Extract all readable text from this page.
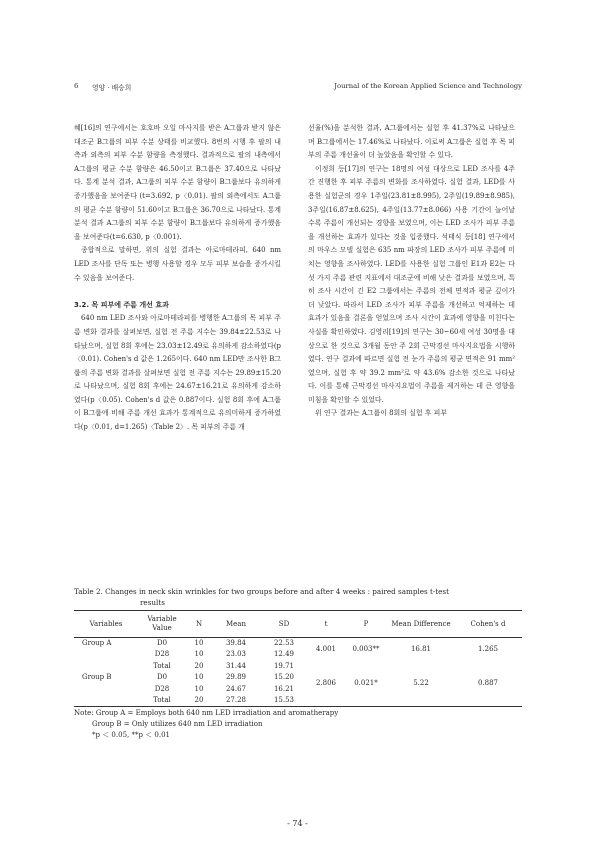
6 영양 · 배승희	Journal of the Korean Applied Science and Technology

혜[16]의 연구에서는 호호바 오일 마사지를 받은 A그룹과 받지 않은 대조군 B그룹의 피부 수분 상태를 비교했다. 8번의 시행 후 팔의 내측과 외측의 피부 수분 함량을 측정했다. 결과적으로 팔의 내측에서 A그룹의 평균 수분 함량은 46.50이고 B그룹은 37.40으로 나타났다. 통계 분석 결과, A그룹의 피부 수분 함량이 B그룹보다 유의하게 증가했음을 보여준다 (t=3.692, p〈0.01). 팔의 외측에서도 A그룹의 평균 수분 함량이 51.60이고 B그룹은 36.70으로 나타났다. 통계 분석 결과 A그룹의 피부 수분 함량이 B그룹보다 유의하게 증가했음을 보여준다(t=6.630, p〈0.001).

종합적으로 말하면, 위의 실험 결과는 아로마테라피, 640 nm LED 조사를 단독 또는 병행 사용할 경우 모두 피부 보습을 증가시킬 수 있음을 보여준다.

3.2. 목 피부에 주름 개선 효과

640 nm LED 조사와 아로마테라피를 병행한 A그룹의 목 피부 주름 변화 결과를 살펴보면, 실험 전 주름 지수는 39.84±22.53로 나타났으며, 실험 8회 후에는 23.03±12.49로 유의하게 감소하였다(p〈0.01). Cohen's d 값은 1.265이다. 640 nm LED만 조사한 B그룹의 주름 변화 결과를 살펴보면 실험 전 주름 지수는 29.89±15.20로 나타났으며, 실험 8회 후에는 24.67±16.21로 유의하게 감소하였다(p〈0.05). Cohen's d 값은 0.887이다. 실험 8회 후에 A그룹이 B그룹에 비해 주름 개선 효과가 통계적으로 유의미하게 증가하였다(p〈0.01, d=1.265)〈Table 2〉. 목 피부의 주름 개

선율(%)을 분석한 결과, A그룹에서는 실험 후 41.37%로 나타났으며 B그룹에서는 17.46%로 나타났다. 이로써 A그룹은 실험 후 목 피부의 주름 개선율이 더 높았음을 확인할 수 있다.

이정희 등[17]의 연구는 18명의 여성 대상으로 LED 조사를 4주간 진행한 후 피부 주름의 변화를 조사하였다. 실험 결과, LED를 사용한 실험군의 경우 1주일(23.81±8.995), 2주일(19.89±8.985), 3주일(16.87±8.625), 4주일(13.77±8.066) 사용 기간이 늘어날수록 주름이 개선되는 경향을 보였으며, 이는 LED 조사가 피부 주름을 개선하는 효과가 있다는 것을 입증했다. 석태식 등[18] 연구에서의 마우스 모델 실험은 635 nm 파장의 LED 조사가 피부 주름에 미치는 영향을 조사하였다. LED를 사용한 실험 그룹인 E1과 E2는 다섯 가지 주름 관련 지표에서 대조군에 비해 낮은 결과를 보였으며, 특히 조사 시간이 긴 E2 그룹에서는 주름의 전체 면적과 평균 깊이가 더 낮았다. 따라서 LED 조사가 피부 주름을 개선하고 억제하는 데 효과가 있음을 결론을 얻었으며 조사 시간이 효과에 영향을 미친다는 사실을 확인하였다. 김영리[19]의 연구는 30~60세 여성 30명을 대상으로 한 것으로 3개월 동안 주 2회 근막경선 마사지요법을 시행하였다. 연구 결과에 따르면 실험 전 눈가 주름의 평균 면적은 91 mm² 였으며, 실험 후 약 39.2 mm²로 약 43.6% 감소한 것으로 나타났다. 이를 통해 근막경선 마사지요법이 주름을 제거하는 데 큰 영향을 미침을 확인할 수 있었다.

위 연구 결과는 A그룹이 8회의 실험 후 피부

Table 2. Changes in neck skin wrinkles for two groups before and after 4 weeks : paired samples t-test
results
Variables	Variable Value	N	Mean	SD	t	P	Mean Difference	Cohen's d
Group A	D0	10	39.84	22.53	4.001	0.003**	16.81	1.265
	D28	10	23.03	12.49				
	Total	20	31.44	19.71				
Group B	D0	10	29.89	15.20	2.806	0.021*	5.22	0.887
	D28	10	24.67	16.21				
	Total	20	27.28	15.53				
Note: Group A = Employs both 640 nm LED irradiation and aromatherapy
Group B = Only utilizes 640 nm LED irradiation
*p ＜ 0.05, **p ＜ 0.01
- 74 -
